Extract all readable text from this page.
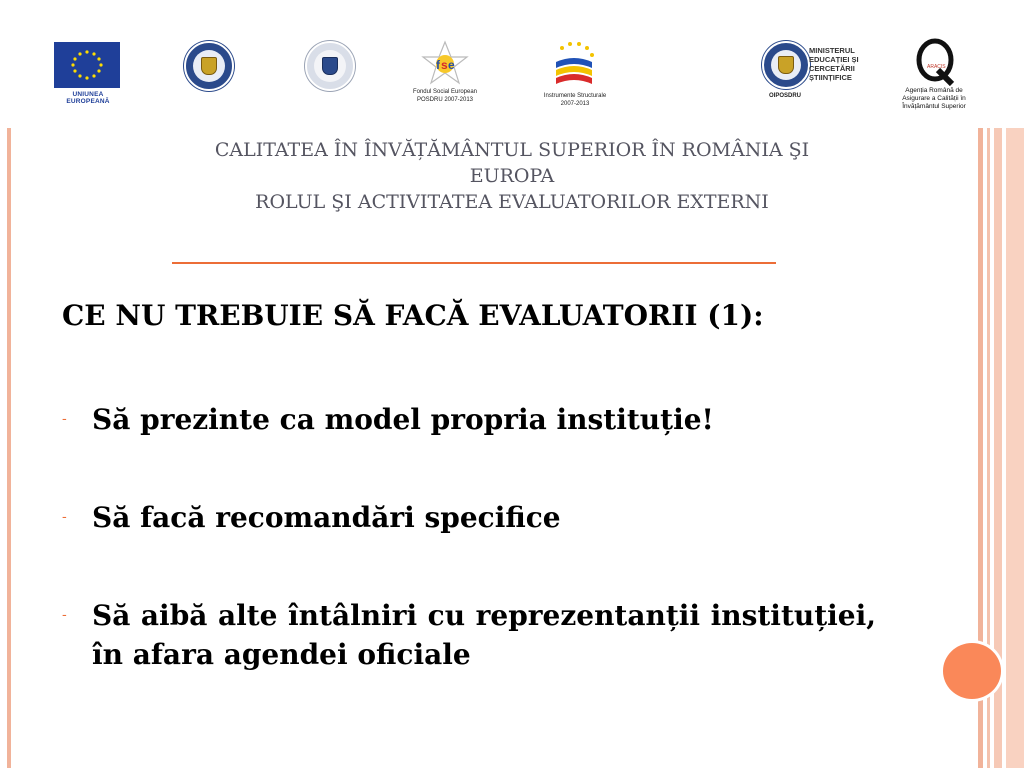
UNIUNEA EUROPEANĂ
f s e
Fondul Social European
POSDRU 2007-2013
Instrumente Structurale
2007-2013
OIPOSDRU
MINISTERUL
EDUCAȚIEI ȘI
CERCETĂRII
ȘTIINȚIFICE
ARACIS
Agenția Română de Asigurare a Calității în Învățământul Superior
CALITATEA ÎN ÎNVĂȚĂMÂNTUL SUPERIOR ÎN ROMÂNIA ŞI
EUROPA
ROLUL ŞI ACTIVITATEA EVALUATORILOR EXTERNI

CE NU TREBUIE SĂ FACĂ EVALUATORII (1):

- Să prezinte ca model propria instituție!
- Să facă recomandări specifice
- Să aibă alte întâlniri cu reprezentanții instituției, în afara agendei oficiale
